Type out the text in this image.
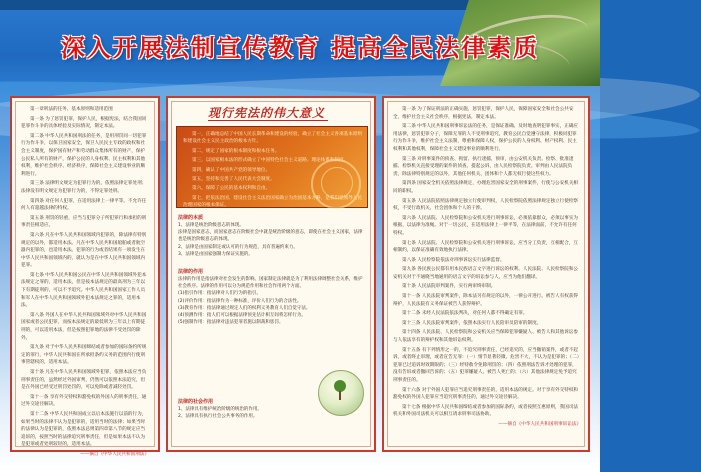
深入开展法制宣传教育 提高全民法律素质

第一章刑法的任务、基本原则和适用范围

第一条 为了惩罚犯罪，保护人民，根据宪法，结合我国同犯罪作斗争的具体经验及实际情况，制定本法。

第二条 中华人民共和国刑法的任务，是用刑罚同一切犯罪行为作斗争，以保卫国家安全，保卫人民民主专政的政权和社会主义制度，保护国有财产和劳动群众集体所有的财产，保护公民私人所有的财产，保护公民的人身权利、民主权利和其他权利，维护社会秩序、经济秩序，保障社会主义建设事业的顺利进行。

第三条 法律明文规定为犯罪行为的，依照法律定罪处刑；法律没有明文规定为犯罪行为的，不得定罪处刑。

第四条 对任何人犯罪，在适用法律上一律平等。不允许任何人有超越法律的特权。

第五条 刑罚的轻重，应当与犯罪分子所犯罪行和承担的刑事责任相适应。

第六条 凡在中华人民共和国领域内犯罪的，除法律有特别规定的以外，都适用本法。凡在中华人民共和国船舶或者航空器内犯罪的，也适用本法。犯罪的行为或者结果有一项发生在中华人民共和国领域内的，就认为是在中华人民共和国领域内犯罪。

第七条 中华人民共和国公民在中华人民共和国领域外犯本法规定之罪的，适用本法，但是按本法规定的最高刑为三年以下有期徒刑的，可以不予追究。中华人民共和国国家工作人员和军人在中华人民共和国领域外犯本法规定之罪的，适用本法。

第八条 外国人在中华人民共和国领域外对中华人民共和国国家或者公民犯罪，而按本法规定的最低刑为三年以上有期徒刑的，可以适用本法，但是按照犯罪地的法律不受处罚的除外。

第九条 对于中华人民共和国缔结或者参加的国际条约所规定的罪行，中华人民共和国在所承担条约义务的范围内行使刑事管辖权的，适用本法。

第十条 凡在中华人民共和国领域外犯罪，依照本法应当负刑事责任的，虽然经过外国审判，仍然可以依照本法追究，但是在外国已经受过刑罚处罚的，可以免除或者减轻处罚。

第十一条 享有外交特权和豁免权的外国人的刑事责任，通过外交途径解决。

第十二条 中华人民共和国成立以后本法施行以前的行为，如果当时的法律不认为是犯罪的，适用当时的法律；如果当时的法律认为是犯罪的，依照本法总则第四章第八节的规定应当追诉的，按照当时的法律追究刑事责任，但是如果本法不认为是犯罪或者处刑较轻的，适用本法。

——摘自《中华人民共和国刑法》
现行宪法的伟大意义

第一，正确地总结了中国人民长期革命和建设的经验，确立了社会主义各项基本原则和建设社会主义民主政治的根本方针。

第二，规定了国家的根本制度和根本任务。

第三，以国家根本法的形式确立了中国特色社会主义道路、理论体系和制度。

第四，确认了中国共产党的领导地位。

第五，坚持和完善了人民代表大会制度。

第六，保障了公民的基本权利和自由。

第七，把依法治国、建设社会主义法治国家确立为治国基本方略，是我们党领导人民治理国家的根本保证。

法律的本质

1、法律是统治阶级意志的体现。

法律是国家意志，而国家意志在阶级社会中就是统治阶级的意志，即使在社会主义国家，法律也是统治阶级意志的体现。

2、法律是由国家制定或认可的行为规范，具有普遍约束力。

3、法律是由国家强制力保证实施的。

法律的作用

法律的作用是指法律对社会发生的影响。国家制定法律就是为了利用法律调整社会关系，维护社会秩序。法律的作用可以分为规范作用和社会作用两个方面。

(1)指引作用：指法律对人们行为的指引。

(2)评价作用：指法律作为一种标准，评价人们行为的合法性。

(3)教育作用：指法律通过规定人们的权利义务教育人们自觉守法。

(4)预测作用：指人们可以根据法律预先估计相互间将怎样行为。

(5)强制作用：指法律对违法犯罪者施以制裁和惩罚。

法律的社会作用

1、法律具有维护统治阶级的统治的作用。

2、法律具有执行社会公共事务的作用。

第一条 为了保证刑法的正确实施，惩罚犯罪，保护人民，保障国家安全和社会公共安全，维护社会主义社会秩序，根据宪法，制定本法。

第二条 中华人民共和国刑事诉讼法的任务，是保证准确、及时地查明犯罪事实，正确应用法律，惩罚犯罪分子，保障无罪的人不受刑事追究，教育公民自觉遵守法律，积极同犯罪行为作斗争，维护社会主义法制，尊重和保障人权，保护公民的人身权利、财产权利、民主权利和其他权利，保障社会主义建设事业的顺利进行。

第三条 对刑事案件的侦查、拘留、执行逮捕、预审，由公安机关负责。检察、批准逮捕、检察机关直接受理的案件的侦查、提起公诉，由人民检察院负责。审判由人民法院负责。除法律特别规定的以外，其他任何机关、团体和个人都无权行使这些权力。

第四条 国家安全机关依照法律规定，办理危害国家安全的刑事案件，行使与公安机关相同的职权。

第五条 人民法院依照法律规定独立行使审判权，人民检察院依照法律规定独立行使检察权，不受行政机关、社会团体和个人的干涉。

第六条 人民法院、人民检察院和公安机关进行刑事诉讼，必须依靠群众，必须以事实为根据，以法律为准绳。对于一切公民，在适用法律上一律平等，在法律面前，不允许有任何特权。

第七条 人民法院、人民检察院和公安机关进行刑事诉讼，应当分工负责，互相配合，互相制约，以保证准确有效地执行法律。

第八条 人民检察院依法对刑事诉讼实行法律监督。

第九条 各民族公民都有用本民族语言文字进行诉讼的权利。人民法院、人民检察院和公安机关对于不通晓当地通用的语言文字的诉讼参与人，应当为他们翻译。

第十条 人民法院审判案件，实行两审终审制。

第十一条 人民法院审判案件，除本法另有规定的以外，一律公开进行。被告人有权获得辩护，人民法院有义务保证被告人获得辩护。

第十二条 未经人民法院依法判决，对任何人都不得确定有罪。

第十三条 人民法院审判案件，依照本法实行人民陪审员陪审的制度。

第十四条 人民法院、人民检察院和公安机关应当保障犯罪嫌疑人、被告人和其他诉讼参与人依法享有的辩护权和其他诉讼权利。

第十五条 有下列情形之一的，不追究刑事责任，已经追究的，应当撤销案件，或者不起诉，或者终止审理，或者宣告无罪：（一）情节显著轻微、危害不大，不认为是犯罪的；（二）犯罪已过追诉时效期限的；（三）经特赦令免除刑罚的；（四）依照刑法告诉才处理的犯罪，没有告诉或者撤回告诉的；（五）犯罪嫌疑人、被告人死亡的；（六）其他法律规定免予追究刑事责任的。

第十六条 对于外国人犯罪应当追究刑事责任的，适用本法的规定。对于享有外交特权和豁免权的外国人犯罪应当追究刑事责任的，通过外交途径解决。

第十七条 根据中华人民共和国缔结或者参加的国际条约，或者按照互惠原则，我国司法机关和外国司法机关可以相互请求刑事司法协助。

——摘自《中华人民共和国刑事诉讼法》
